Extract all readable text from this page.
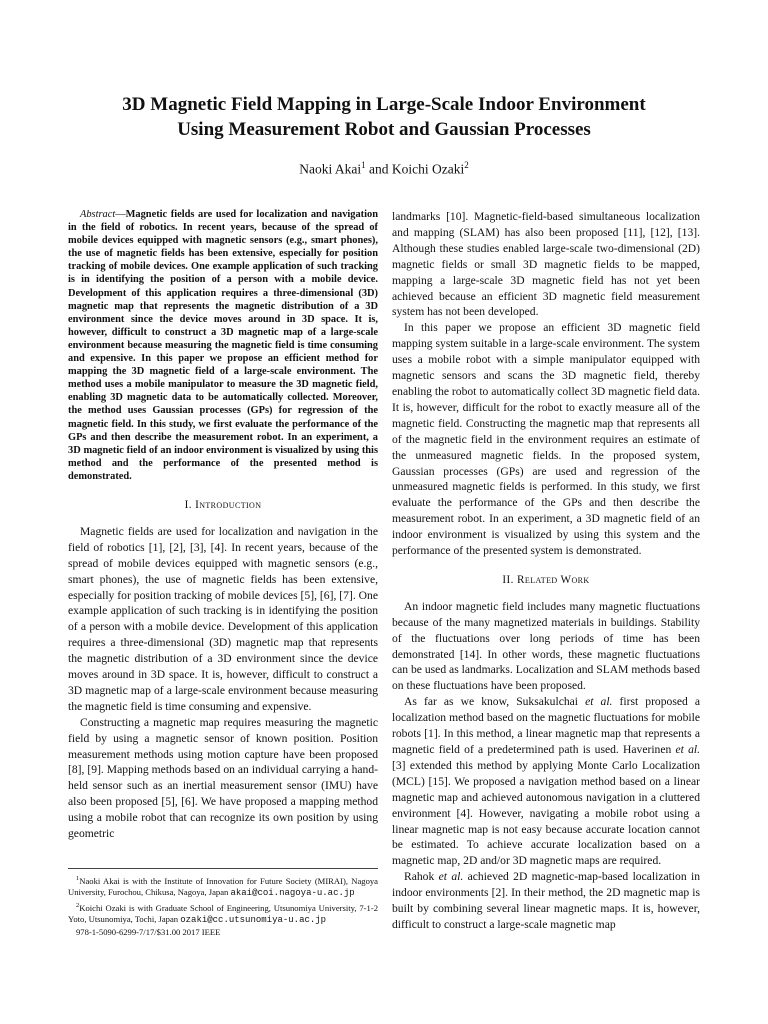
3D Magnetic Field Mapping in Large-Scale Indoor Environment
Using Measurement Robot and Gaussian Processes
Naoki Akai$^1$ and Koichi Ozaki$^2$

Abstract—Magnetic fields are used for localization and navigation in the field of robotics. In recent years, because of the spread of mobile devices equipped with magnetic sensors (e.g., smart phones), the use of magnetic fields has been extensive, especially for position tracking of mobile devices. One example application of such tracking is in identifying the position of a person with a mobile device. Development of this application requires a three-dimensional (3D) magnetic map that represents the magnetic distribution of a 3D environment since the device moves around in 3D space. It is, however, difficult to construct a 3D magnetic map of a large-scale environment because measuring the magnetic field is time consuming and expensive. In this paper we propose an efficient method for mapping the 3D magnetic field of a large-scale environment. The method uses a mobile manipulator to measure the 3D magnetic field, enabling 3D magnetic data to be automatically collected. Moreover, the method uses Gaussian processes (GPs) for regression of the magnetic field. In this study, we first evaluate the performance of the GPs and then describe the measurement robot. In an experiment, a 3D magnetic field of an indoor environment is visualized by using this method and the performance of the presented method is demonstrated.

I. Introduction

Magnetic fields are used for localization and navigation in the field of robotics [1], [2], [3], [4]. In recent years, because of the spread of mobile devices equipped with magnetic sensors (e.g., smart phones), the use of magnetic fields has been extensive, especially for position tracking of mobile devices [5], [6], [7]. One example application of such tracking is in identifying the position of a person with a mobile device. Development of this application requires a three-dimensional (3D) magnetic map that represents the magnetic distribution of a 3D environment since the device moves around in 3D space. It is, however, difficult to construct a 3D magnetic map of a large-scale environment because measuring the magnetic field is time consuming and expensive.

Constructing a magnetic map requires measuring the magnetic field by using a magnetic sensor of known position. Position measurement methods using motion capture have been proposed [8], [9]. Mapping methods based on an individual carrying a hand-held sensor such as an inertial measurement sensor (IMU) have also been proposed [5], [6]. We have proposed a mapping method using a mobile robot that can recognize its own position by using geometric

$^1$Naoki Akai is with the Institute of Innovation for Future Society (MIRAI), Nagoya University, Furochou, Chikusa, Nagoya, Japan akai@coi.nagoya-u.ac.jp

$^2$Koichi Ozaki is with Graduate School of Engineering, Utsunomiya University, 7-1-2 Yoto, Utsunomiya, Tochi, Japan ozaki@cc.utsunomiya-u.ac.jp

978-1-5090-6299-7/17/$31.00 2017 IEEE

landmarks [10]. Magnetic-field-based simultaneous localization and mapping (SLAM) has also been proposed [11], [12], [13]. Although these studies enabled large-scale two-dimensional (2D) magnetic fields or small 3D magnetic fields to be mapped, mapping a large-scale 3D magnetic field has not yet been achieved because an efficient 3D magnetic field measurement system has not been developed.

In this paper we propose an efficient 3D magnetic field mapping system suitable in a large-scale environment. The system uses a mobile robot with a simple manipulator equipped with magnetic sensors and scans the 3D magnetic field, thereby enabling the robot to automatically collect 3D magnetic field data. It is, however, difficult for the robot to exactly measure all of the magnetic field. Constructing the magnetic map that represents all of the magnetic field in the environment requires an estimate of the unmeasured magnetic fields. In the proposed system, Gaussian processes (GPs) are used and regression of the unmeasured magnetic fields is performed. In this study, we first evaluate the performance of the GPs and then describe the measurement robot. In an experiment, a 3D magnetic field of an indoor environment is visualized by using this system and the performance of the presented system is demonstrated.

II. Related Work

An indoor magnetic field includes many magnetic fluctuations because of the many magnetized materials in buildings. Stability of the fluctuations over long periods of time has been demonstrated [14]. In other words, these magnetic fluctuations can be used as landmarks. Localization and SLAM methods based on these fluctuations have been proposed.

As far as we know, Suksakulchai et al. first proposed a localization method based on the magnetic fluctuations for mobile robots [1]. In this method, a linear magnetic map that represents a magnetic field of a predetermined path is used. Haverinen et al. [3] extended this method by applying Monte Carlo Localization (MCL) [15]. We proposed a navigation method based on a linear magnetic map and achieved autonomous navigation in a cluttered environment [4]. However, navigating a mobile robot using a linear magnetic map is not easy because accurate location cannot be estimated. To achieve accurate localization based on a magnetic map, 2D and/or 3D magnetic maps are required.

Rahok et al. achieved 2D magnetic-map-based localization in indoor environments [2]. In their method, the 2D magnetic map is built by combining several linear magnetic maps. It is, however, difficult to construct a large-scale magnetic map
